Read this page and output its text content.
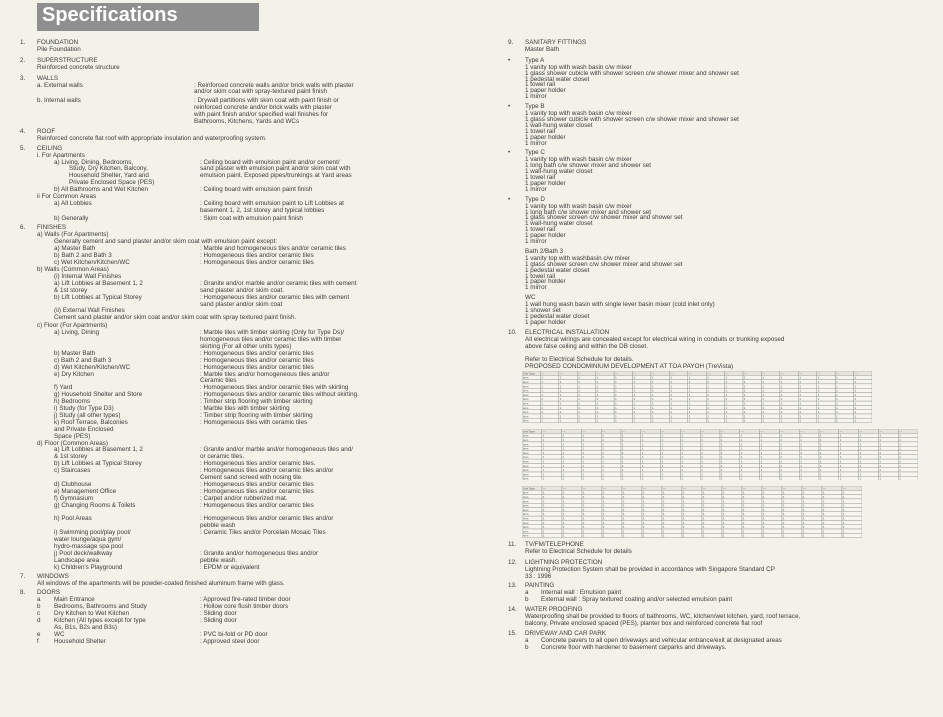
Specifications
1. FOUNDATION
Pile Foundation
2. SUPERSTRUCTURE
Reinforced concrete structure
3. WALLS
a. External walls	: Reinforced concrete walls and/or brick walls with plaster
and/or skim coat with spray-textured paint finish
b. Internal walls	: Drywall partitions with skim coat with paint finish or
reinforced concrete and/or brick walls with plaster
with paint finish and/or specified wall finishes for
Bathrooms, Kitchens, Yards and WCs
4. ROOF
Reinforced concrete flat roof with appropriate insulation and waterproofing system.
5. CEILING
i. For Apartments
a) Living, Dining, Bedrooms,	: Ceiling board with emulsion paint and/or cement/
Study, Dry Kitchen, Balcony,	sand plaster with emulsion paint and/or skim coat with
Household Shelter, Yard and	emulsion paint. Exposed pipes/trunkings at Yard areas
Private Enclosed Space (PES)
b) All Bathrooms and Wet Kitchen	: Ceiling board with emulsion paint finish
ii For Common Areas
a) All Lobbies	: Ceiling board with emulsion paint to Lift Lobbies at
basement 1, 2, 1st storey and typical lobbies
b) Generally	: Skim coat with emulsion paint finish
6. FINISHES
a) Walls (For Apartments)
Generally cement and sand plaster and/or skim coat with emulsion paint except:
a) Master Bath	: Marble and homogeneous tiles and/or ceramic tiles
b) Bath 2 and Bath 3	: Homogeneous tiles and/or ceramic tiles
c) Wet Kitchen/Kitchen/WC	: Homogeneous tiles and/or ceramic tiles
b) Walls (Common Areas)
(i) Internal Wall Finishes
a) Lift Lobbies at Basement 1, 2	: Granite and/or marble and/or ceramic tiles with cement
& 1st storey	sand plaster and/or skim coat.
b) Lift Lobbies at Typical Storey	: Homogeneous tiles and/or ceramic tiles with cement
sand plaster and/or skim coat
(ii) External Wall Finishes
Cement sand plaster and/or skim coat and/or skim coat with spray textured paint finish.
c) Floor (For Apartments)
a) Living, Dining	: Marble tiles with timber skirting (Only for Type Ds)/
homogeneous tiles and/or ceramic tiles with timber
skirting (For all other units types)
b) Master Bath	: Homogeneous tiles and/or ceramic tiles
c) Bath 2 and Bath 3	: Homogeneous tiles and/or ceramic tiles
d) Wet Kitchen/Kitchen/WC	: Homogeneous tiles and/or ceramic tiles
e) Dry Kitchen	: Marble tiles and/or homogeneous tiles and/or
Ceramic tiles
f) Yard	: Homogeneous tiles and/or ceramic tiles with skirting
g) Household Shelter and Store	: Homogeneous tiles and/or ceramic tiles without skirting.
h) Bedrooms	: Timber strip flooring with timber skirting
i) Study (for Type D3)	: Marble tiles with timber skirting
j) Study (all other types)	: Timber strip flooring with timber skirting
k) Roof Terrace, Balconies	: Homogeneous tiles with ceramic tiles
and Private Enclosed
Space (PES)
d) Floor (Common Areas)
a) Lift Lobbies at Basement 1, 2	: Granite and/or marble and/or homogeneous tiles and/
& 1st storey	or ceramic tiles.
b) Lift Lobbies at Typical Storey	: Homogeneous tiles and/or ceramic tiles.
c) Staircases	: Homogeneous tiles and/or ceramic tiles and/or
Cement sand screed with nosing tile.
d) Clubhouse	: Homogeneous tiles and/or ceramic tiles
e) Management Office	: Homogeneous tiles and/or ceramic tiles
f) Gymnasium	: Carpet and/or rubberized mat.
g) Changing Rooms & Toilets	: Homogeneous tiles and/or ceramic tiles
h) Pool Areas	: Homogeneous tiles and/or ceramic tiles and/or
pebble wash
i) Swimming pool/play pool/	: Ceramic Tiles and/or Porcelain Mosaic Tiles
water lounge/aqua gym/
hydro-massage spa pool
j) Pool deck/walkway	: Granite and/or homogeneous tiles and/or
Landscape area	pebble wash.
k) Children's Playground	: EPDM or equivalent
7. WINDOWS
All windows of the apartments will be powder-coated finished aluminum frame with glass.
8. DOORS
a Main Entrance	: Approved fire-rated timber door
b Bedrooms, Bathrooms and Study	: Hollow core flush timber doors
c Dry Kitchen to Wet Kitchen	: Sliding door
d Kitchen (All types except for type	: Sliding door
As, B1s, B2s and B3s)
e WC	: PVC bi-fold or PD door
f Household Shelter	: Approved steel door
9. SANITARY FITTINGS
Master Bath
• Type A
1 vanity top with wash basin c/w mixer
1 glass shower cubicle with shower screen c/w shower mixer and shower set
1 pedestal water closet
1 towel rail
1 paper holder
1 mirror
• Type B
1 vanity top with wash basin c/w mixer
1 glass shower cubicle with shower screen c/w shower mixer and shower set
1 wall-hung water closet
1 towel rail
1 paper holder
1 mirror
• Type C
1 vanity top with wash basin c/w mixer
1 long bath c/w shower mixer and shower set
1 wall-hung water closet
1 towel rail
1 paper holder
1 mirror
• Type D
1 vanity top with wash basin c/w mixer
1 long bath c/w shower mixer and shower set
1 glass shower screen c/w shower mixer and shower set
1 wall-hung water closet
1 towel rail
1 paper holder
1 mirror
Bath 2/Bath 3
1 vanity top with washbasin c/w mixer
1 glass shower screen c/w shower mixer and shower set
1 pedestal water closet
1 towel rail
1 paper holder
1 mirror
WC
1 wall hung wash basin with single lever basin mixer (cold inlet only)
1 shower set
1 pedestal water closet
1 paper holder
10. ELECTRICAL INSTALLATION
All electrical wirings are concealed except for electrical wiring in conduits or trunking exposed
above false ceiling and within the DB closet.
Refer to Electrical Schedule for details.
PROPOSED CONDOMINIUM DEVELOPMENT AT TOA PAYOH (TreVista)
Unit Type —	—	—	—	—	—	—	—	—	—	—	—	—	—	—	—	—	—
item	1	1	1	1	1	1	1	1	1	1	1	1	1	1	1	1	1	1
item	1	1	1	1	1	1	1	1	1	1	1	1	1	1	1	1	1	1
item	1	1	1	1	1	1	1	1	1	1	1	1	1	1	1	1	1	1
item	1	1	1	1	1	1	1	1	1	1	1	1	1	1	1	1	1	1
item	1	1	1	1	1	1	1	1	1	1	1	1	1	1	1	1	1	1
item	1	1	1	1	1	1	1	1	1	1	1	1	1	1	1	1	1	1
item	1	1	1	1	1	1	1	1	1	1	1	1	1	1	1	1	1	1
item	1	1	1	1	1	1	1	1	1	1	1	1	1	1	1	1	1	1
item	1	1	1	1	1	1	1	1	1	1	1	1	1	1	1	1	1	1
item	1	1	1	1	1	1	1	1	1	1	1	1	1	1	1	1	1	1
item	1	1	1	1	1	1	1	1	1	1	1	1	1	1	1	1	1	1
Unit Type	—	—	—	—	—	—	—	—	—	—	—	—	—	—	—	—	—	—	—
item	1	1	1	1	1	1	1	1	1	1	1	1	1	1	1	1	1	1	1
item	1	1	1	1	1	1	1	1	1	1	1	1	1	1	1	1	1	1	1
item	1	1	1	1	1	1	1	1	1	1	1	1	1	1	1	1	1	1	1
item	1	1	1	1	1	1	1	1	1	1	1	1	1	1	1	1	1	1	1
item	1	1	1	1	1	1	1	1	1	1	1	1	1	1	1	1	1	1	1
item	1	1	1	1	1	1	1	1	1	1	1	1	1	1	1	1	1	1	1
item	1	1	1	1	1	1	1	1	1	1	1	1	1	1	1	1	1	1	1
item	1	1	1	1	1	1	1	1	1	1	1	1	1	1	1	1	1	1	1
item	1	1	1	1	1	1	1	1	1	1	1	1	1	1	1	1	1	1	1
item	1	1	1	1	1	1	1	1	1	1	1	1	1	1	1	1	1	1	1
item	1	1	1	1	1	1	1	1	1	1	1	1	1	1	1	1	1	1	1
Unit Type	—	—	—	—	—	—	—	—	—	—	—	—	—	—	—	—
item	1	1	1	1	1	1	1	1	1	1	1	1	1	1	1	1
item	1	1	1	1	1	1	1	1	1	1	1	1	1	1	1	1
item	1	1	1	1	1	1	1	1	1	1	1	1	1	1	1	1
item	1	1	1	1	1	1	1	1	1	1	1	1	1	1	1	1
item	1	1	1	1	1	1	1	1	1	1	1	1	1	1	1	1
item	1	1	1	1	1	1	1	1	1	1	1	1	1	1	1	1
item	1	1	1	1	1	1	1	1	1	1	1	1	1	1	1	1
item	1	1	1	1	1	1	1	1	1	1	1	1	1	1	1	1
item	1	1	1	1	1	1	1	1	1	1	1	1	1	1	1	1
item	1	1	1	1	1	1	1	1	1	1	1	1	1	1	1	1
item	1	1	1	1	1	1	1	1	1	1	1	1	1	1	1	1
11. TV/FM/TELEPHONE
Refer to Electrical Schedule for details
12. LIGHTNING PROTECTION
Lightning Protection System shall be provided in accordance with Singapore Standard CP
33 : 1996
13. PAINTING
a Internal wall : Emulsion paint
b External wall : Spray textured coating and/or selected emulsion paint
14. WATER PROOFING
Waterproofing shall be provided to floors of bathrooms, WC, kitchen/wet kitchen, yard, roof terrace,
balcony, Private enclosed spaced (PES), planter box and reinforced concrete flat roof
15. DRIVEWAY AND CAR PARK
a Concrete pavers to all open driveways and vehicular entrance/exit at designated areas
b Concrete floor with hardener to basement carparks and driveways.
